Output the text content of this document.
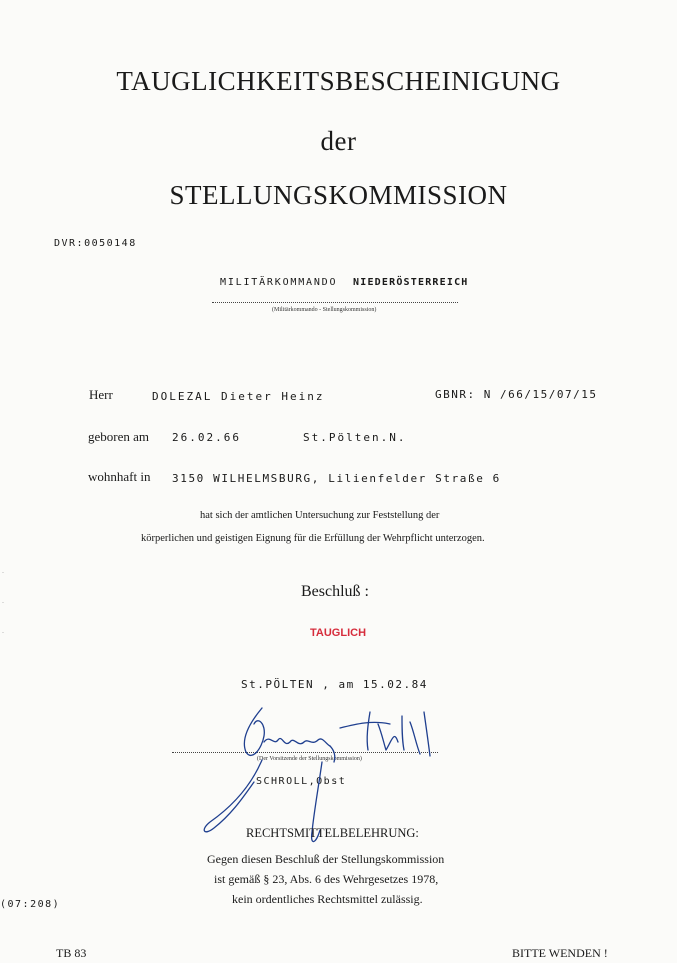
TAUGLICHKEITSBESCHEINIGUNG
der
STELLUNGSKOMMISSION
DVR:0050148
MILITÄRKOMMANDO NIEDERÖSTERREICH
(Militärkommando - Stellungskommission)
Herr	DOLEZAL Dieter Heinz	GBNR: N /66/15/07/15
geboren am 26.02.66	St.Pölten.N.
wohnhaft in 3150 WILHELMSBURG, Lilienfelder Straße 6
hat sich der amtlichen Untersuchung zur Feststellung der
körperlichen und geistigen Eignung für die Erfüllung der Wehrpflicht unterzogen.
Beschluß :
TAUGLICH
St.PÖLTEN , am 15.02.84
(Der Vorsitzende der Stellungskommission)
SCHROLL,Obst
RECHTSMITTELBELEHRUNG:
Gegen diesen Beschluß der Stellungskommission
ist gemäß § 23, Abs. 6 des Wehrgesetzes 1978,
kein ordentliches Rechtsmittel zulässig.
(07:208)
TB 83	BITTE WENDEN !
·
·
·
